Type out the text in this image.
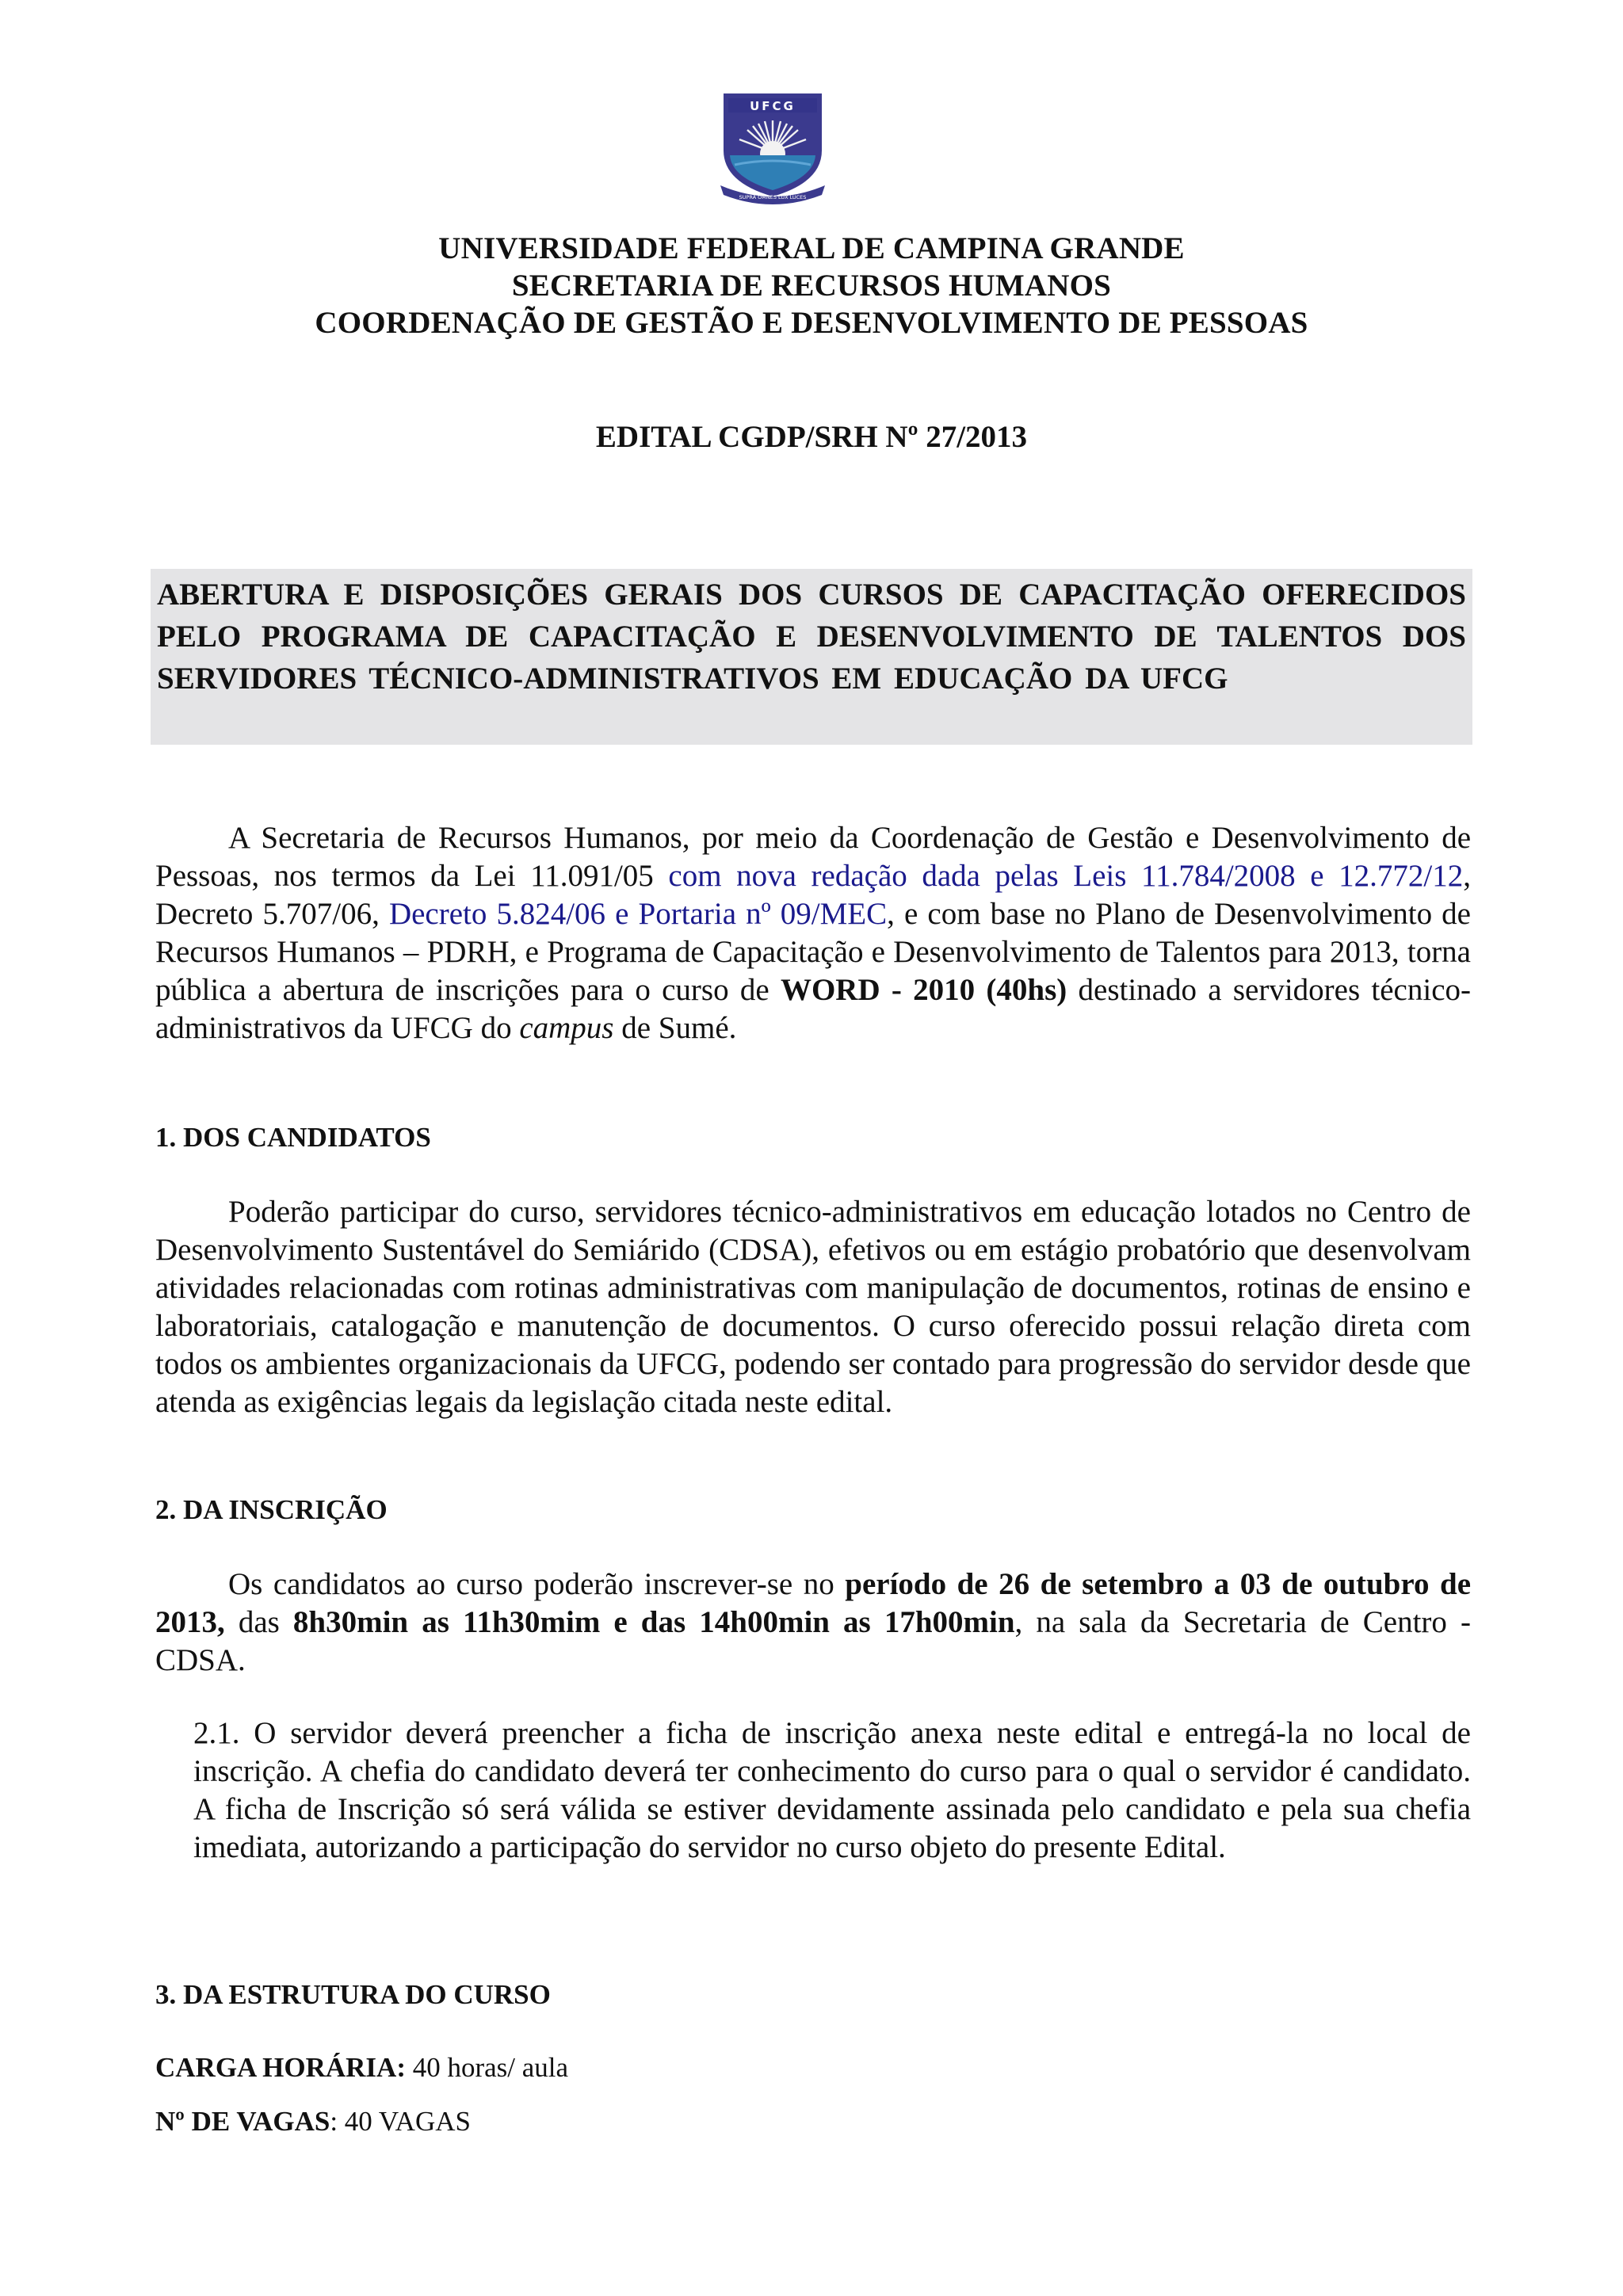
UFCG
SUPRA OMNES LUX LUCES
UNIVERSIDADE FEDERAL DE CAMPINA GRANDE
SECRETARIA DE RECURSOS HUMANOS
COORDENAÇÃO DE GESTÃO E DESENVOLVIMENTO DE PESSOAS
EDITAL CGDP/SRH Nº 27/2013

ABERTURA E DISPOSIÇÕES GERAIS DOS CURSOS DE CAPACITAÇÃO OFERECIDOS PELO PROGRAMA DE CAPACITAÇÃO E DESENVOLVIMENTO DE TALENTOS DOS SERVIDORES TÉCNICO-ADMINISTRATIVOS EM EDUCAÇÃO DA UFCG

A Secretaria de Recursos Humanos, por meio da Coordenação de Gestão e Desenvolvimento de Pessoas, nos termos da Lei 11.091/05 com nova redação dada pelas Leis 11.784/2008 e 12.772/12, Decreto 5.707/06, Decreto 5.824/06 e Portaria nº 09/MEC, e com base no Plano de Desenvolvimento de Recursos Humanos – PDRH, e Programa de Capacitação e Desenvolvimento de Talentos para 2013, torna pública a abertura de inscrições para o curso de WORD - 2010 (40hs) destinado a servidores técnico-administrativos da UFCG do campus de Sumé.

1. DOS CANDIDATOS

Poderão participar do curso, servidores técnico-administrativos em educação lotados no Centro de Desenvolvimento Sustentável do Semiárido (CDSA), efetivos ou em estágio probatório que desenvolvam atividades relacionadas com rotinas administrativas com manipulação de documentos, rotinas de ensino e laboratoriais, catalogação e manutenção de documentos. O curso oferecido possui relação direta com todos os ambientes organizacionais da UFCG, podendo ser contado para progressão do servidor desde que atenda as exigências legais da legislação citada neste edital.

2. DA INSCRIÇÃO

Os candidatos ao curso poderão inscrever-se no período de 26 de setembro a 03 de outubro de 2013, das 8h30min as 11h30mim e das 14h00min as 17h00min, na sala da Secretaria de Centro - CDSA.

2.1. O servidor deverá preencher a ficha de inscrição anexa neste edital e entregá-la no local de inscrição. A chefia do candidato deverá ter conhecimento do curso para o qual o servidor é candidato. A ficha de Inscrição só será válida se estiver devidamente assinada pelo candidato e pela sua chefia imediata, autorizando a participação do servidor no curso objeto do presente Edital.

3. DA ESTRUTURA DO CURSO

CARGA HORÁRIA: 40 horas/ aula

Nº DE VAGAS: 40 VAGAS
